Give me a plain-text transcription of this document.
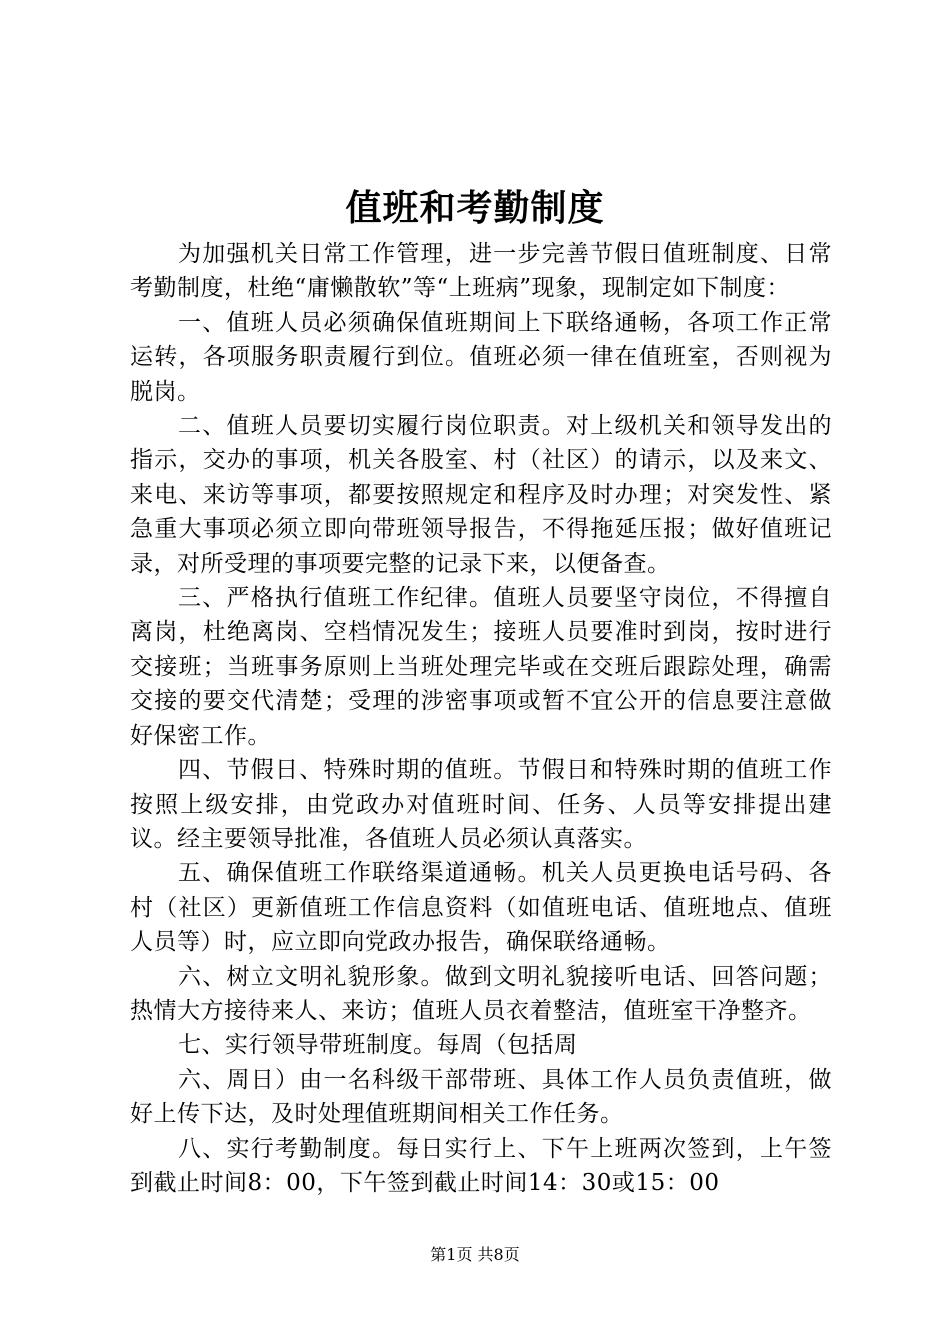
值班和考勤制度

为加强机关日常工作管理，进一步完善节假日值班制度、日常考勤制度，杜绝“庸懒散软”等“上班病”现象，现制定如下制度：

一、值班人员必须确保值班期间上下联络通畅，各项工作正常运转，各项服务职责履行到位。值班必须一律在值班室，否则视为脱岗。

二、值班人员要切实履行岗位职责。对上级机关和领导发出的指示，交办的事项，机关各股室、村（社区）的请示，以及来文、来电、来访等事项，都要按照规定和程序及时办理；对突发性、紧急重大事项必须立即向带班领导报告，不得拖延压报；做好值班记录，对所受理的事项要完整的记录下来，以便备查。

三、严格执行值班工作纪律。值班人员要坚守岗位，不得擅自离岗，杜绝离岗、空档情况发生；接班人员要准时到岗，按时进行交接班；当班事务原则上当班处理完毕或在交班后跟踪处理，确需交接的要交代清楚；受理的涉密事项或暂不宜公开的信息要注意做好保密工作。

四、节假日、特殊时期的值班。节假日和特殊时期的值班工作按照上级安排，由党政办对值班时间、任务、人员等安排提出建议。经主要领导批准，各值班人员必须认真落实。

五、确保值班工作联络渠道通畅。机关人员更换电话号码、各村（社区）更新值班工作信息资料（如值班电话、值班地点、值班人员等）时，应立即向党政办报告，确保联络通畅。

六、树立文明礼貌形象。做到文明礼貌接听电话、回答问题；热情大方接待来人、来访；值班人员衣着整洁，值班室干净整齐。

七、实行领导带班制度。每周（包括周

六、周日）由一名科级干部带班、具体工作人员负责值班，做好上传下达，及时处理值班期间相关工作任务。

八、实行考勤制度。每日实行上、下午上班两次签到，上午签到截止时间8：00，下午签到截止时间14：30或15：00

第1页 共8页
